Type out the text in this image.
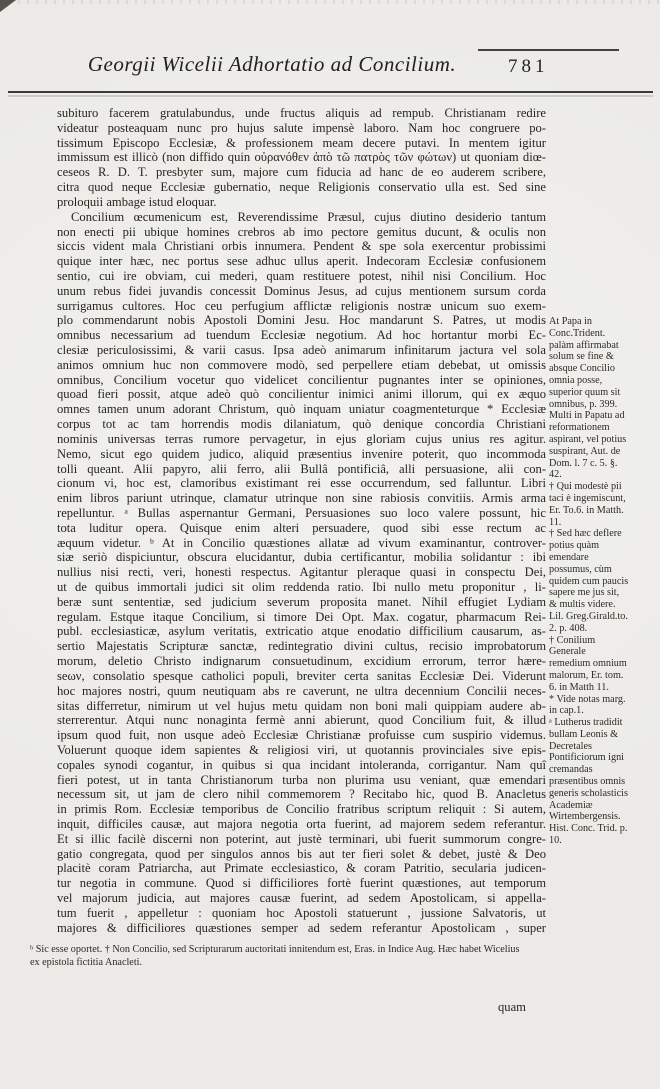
Georgii Wicelii Adhortatio ad Concilium.	781
subituro facerem gratulabundus, unde fructus aliquis ad rempub. Christianam redire
videatur posteaquam nunc pro hujus salute impensè laboro. Nam hoc congruere po-
tissimum Episcopo Ecclesiæ, & professionem meam decere putavi. In mentem igitur
immissum est illicò (non diffido quin οὐρανόθεν ἀπὸ τῶ πατρὸς τῶν φώτων) ut quoniam diœ-
ceseos R. D. T. presbyter sum, majore cum fiducia ad hanc de eo auderem scribere,
citra quod neque Ecclesiæ gubernatio, neque Religionis conservatio ulla est. Sed sine
proloquii ambage istud eloquar.
Concilium œcumenicum est, Reverendissime Præsul, cujus diutino desiderio tantum
non enecti pii ubique homines crebros ab imo pectore gemitus ducunt, & oculis non
siccis vident mala Christiani orbis innumera. Pendent & spe sola exercentur probissimi
quique inter hæc, nec portus sese adhuc ullus aperit. Indecoram Ecclesiæ confusionem
sentio, cui ire obviam, cui mederi, quam restituere potest, nihil nisi Concilium. Hoc
unum rebus fidei juvandis concessit Dominus Jesus, ad cujus mentionem sursum corda
surrigamus cultores. Hoc ceu perfugium afflictæ religionis nostræ unicum suo exem-
plo commendarunt nobis Apostoli Domini Jesu. Hoc mandarunt S. Patres, ut modis
omnibus necessarium ad tuendum Ecclesiæ negotium. Ad hoc hortantur morbi Ec-
clesiæ periculosissimi, & varii casus. Ipsa adeò animarum infinitarum jactura vel sola
animos omnium huc non commovere modò, sed perpellere etiam debebat, ut omissis
omnibus, Concilium vocetur quo videlicet concilientur pugnantes inter se opiniones,
quoad fieri possit, atque adeò quò concilientur inimici animi illorum, qui ex æquo
omnes tamen unum adorant Christum, quò inquam uniatur coagmenteturque * Ecclesiæ
corpus tot ac tam horrendis modis dilaniatum, quò denique concordia Christiani
nominis universas terras rumore pervagetur, in ejus gloriam cujus unius res agitur.
Nemo, sicut ego quidem judico, aliquid præsentius invenire poterit, quo incommoda
tolli queant. Alii papyro, alii ferro, alii Bullâ pontificiâ, alli persuasione, alii con-
cionum vi, hoc est, clamoribus existimant rei esse occurrendum, sed falluntur. Libri
enim libros pariunt utrinque, clamatur utrinque non sine rabiosis convitiis. Armis arma
repelluntur. ᵃ Bullas aspernantur Germani, Persuasiones suo loco valere possunt, hic
tota luditur opera. Quisque enim alteri persuadere, quod sibi esse rectum ac
æquum videtur. ᵇ At in Concilio quæstiones allatæ ad vivum examinantur, controver-
siæ seriò dispiciuntur, obscura elucidantur, dubia certificantur, mobilia solidantur : ibi
nullius nisi recti, veri, honesti respectus. Agitantur pleraque quasi in conspectu Dei,
ut de quibus immortali judici sit olim reddenda ratio. Ibi nullo metu proponitur , li-
beræ sunt sententiæ, sed judicium severum proposita manet. Nihil effugiet Lydiam
regulam. Estque itaque Concilium, si timore Dei Opt. Max. cogatur, pharmacum Rei-
publ. ecclesiasticæ, asylum veritatis, extricatio atque enodatio difficilium causarum, as-
sertio Majestatis Scripturæ sanctæ, redintegratio divini cultus, recisio improbatorum
morum, deletio Christo indignarum consuetudinum, excidium errorum, terror hære-
seων, consolatio spesque catholici populi, breviter certa sanitas Ecclesiæ Dei. Viderunt
hoc majores nostri, quum neutiquam abs re caverunt, ne ultra decennium Concilii neces-
sitas differretur, nimirum ut vel hujus metu quidam non boni mali quippiam audere ab-
sterrerentur. Atqui nunc nonaginta fermè anni abierunt, quod Concilium fuit, & illud
ipsum quod fuit, non usque adeò Ecclesiæ Christianæ profuisse cum suspirio videmus.
Voluerunt quoque idem sapientes & religiosi viri, ut quotannis provinciales sive epis-
copales synodi cogantur, in quibus si qua incidant intoleranda, corrigantur. Nam quî
fieri potest, ut in tanta Christianorum turba non plurima usu veniant, quæ emendari
necessum sit, ut jam de clero nihil commemorem ? Recitabo hic, quod B. Anacletus
in primis Rom. Ecclesiæ temporibus de Concilio fratribus scriptum reliquit : Si autem,
inquit, difficiles causæ, aut majora negotia orta fuerint, ad majorem sedem referantur.
Et si illic facilè discerni non poterint, aut justè terminari, ubi fuerit summorum congre-
gatio congregata, quod per singulos annos bis aut ter fieri solet & debet, justè & Deo
placitè coram Patriarcha, aut Primate ecclesiastico, & coram Patritio, secularia judicen-
tur negotia in commune. Quod si difficiliores fortè fuerint quæstiones, aut temporum
vel majorum judicia, aut majores causæ fuerint, ad sedem Apostolicam, si appella-
tum fuerit , appelletur : quoniam hoc Apostoli statuerunt , jussione Salvatoris, ut
majores & difficiliores quæstiones semper ad sedem referantur Apostolicam , super
At Papa in Conc.Trident. palàm affirmabat solum se fine & absque Concilio omnia posse, superior quum sit omnibus, p. 399.
Multi in Papatu ad reformationem aspirant, vel potius suspirant, Aut. de Dom. l. 7 c. 5. §. 42.
† Qui modestè pii taci è ingemiscunt, Er. To.6. in Matth. 11.
† Sed hæc deflere potius quàm emendare possumus, cùm quidem cum paucis sapere me jus sit, & multis videre. Lil. Greg.Girald.to. 2. p. 408.
† Conilium Generale remedium omnium malorum, Er. tom. 6. in Matth 11.
* Vide notas marg. in cap.1.
ᵃ Lutherus tradidit bullam Leonis & Decretales Pontificiorum igni cremandas præsentibus omnis generis scholasticis Academiæ Wirtembergensis. Hist. Conc. Trid. p. 10.
ᵇ Sic esse oportet. † Non Concilio, sed Scripturarum auctoritati innitendum est, Eras. in Indice Aug. Hæc habet Wicelius
ex epistola fictitia Anacleti.
quam
